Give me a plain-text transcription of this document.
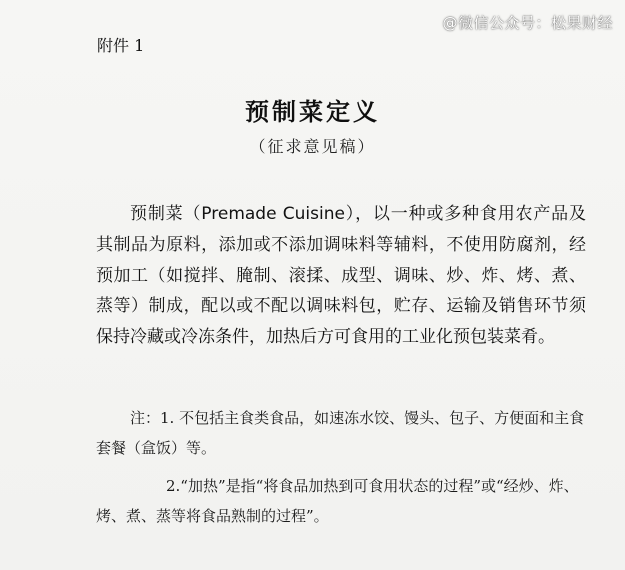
附件 1
@微信公众号：松果财经
预制菜定义
（征求意见稿）

预制菜（Premade Cuisine），以一种或多种食用农产品及其制品为原料，添加或不添加调味料等辅料，不使用防腐剂，经预加工（如搅拌、腌制、滚揉、成型、调味、炒、炸、烤、煮、蒸等）制成，配以或不配以调味料包，贮存、运输及销售环节须保持冷藏或冷冻条件，加热后方可食用的工业化预包装菜肴。

注：1. 不包括主食类食品，如速冻水饺、馒头、包子、方便面和主食套餐（盒饭）等。

2.“加热”是指“将食品加热到可食用状态的过程”或“经炒、炸、烤、煮、蒸等将食品熟制的过程”。
